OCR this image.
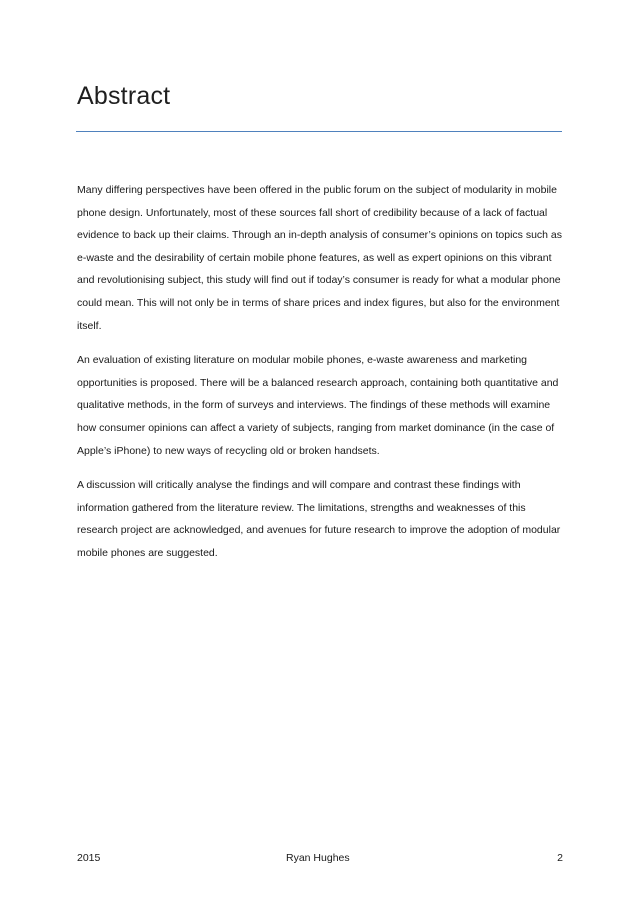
Abstract

Many differing perspectives have been offered in the public forum on the subject of modularity in mobile phone design. Unfortunately, most of these sources fall short of credibility because of a lack of factual evidence to back up their claims. Through an in-depth analysis of consumer’s opinions on topics such as e-waste and the desirability of certain mobile phone features, as well as expert opinions on this vibrant and revolutionising subject, this study will find out if today’s consumer is ready for what a modular phone could mean. This will not only be in terms of share prices and index figures, but also for the environment itself.

An evaluation of existing literature on modular mobile phones, e-waste awareness and marketing opportunities is proposed. There will be a balanced research approach, containing both quantitative and qualitative methods, in the form of surveys and interviews. The findings of these methods will examine how consumer opinions can affect a variety of subjects, ranging from market dominance (in the case of Apple’s iPhone) to new ways of recycling old or broken handsets.

A discussion will critically analyse the findings and will compare and contrast these findings with information gathered from the literature review. The limitations, strengths and weaknesses of this research project are acknowledged, and avenues for future research to improve the adoption of modular mobile phones are suggested.

2015	Ryan Hughes	2
